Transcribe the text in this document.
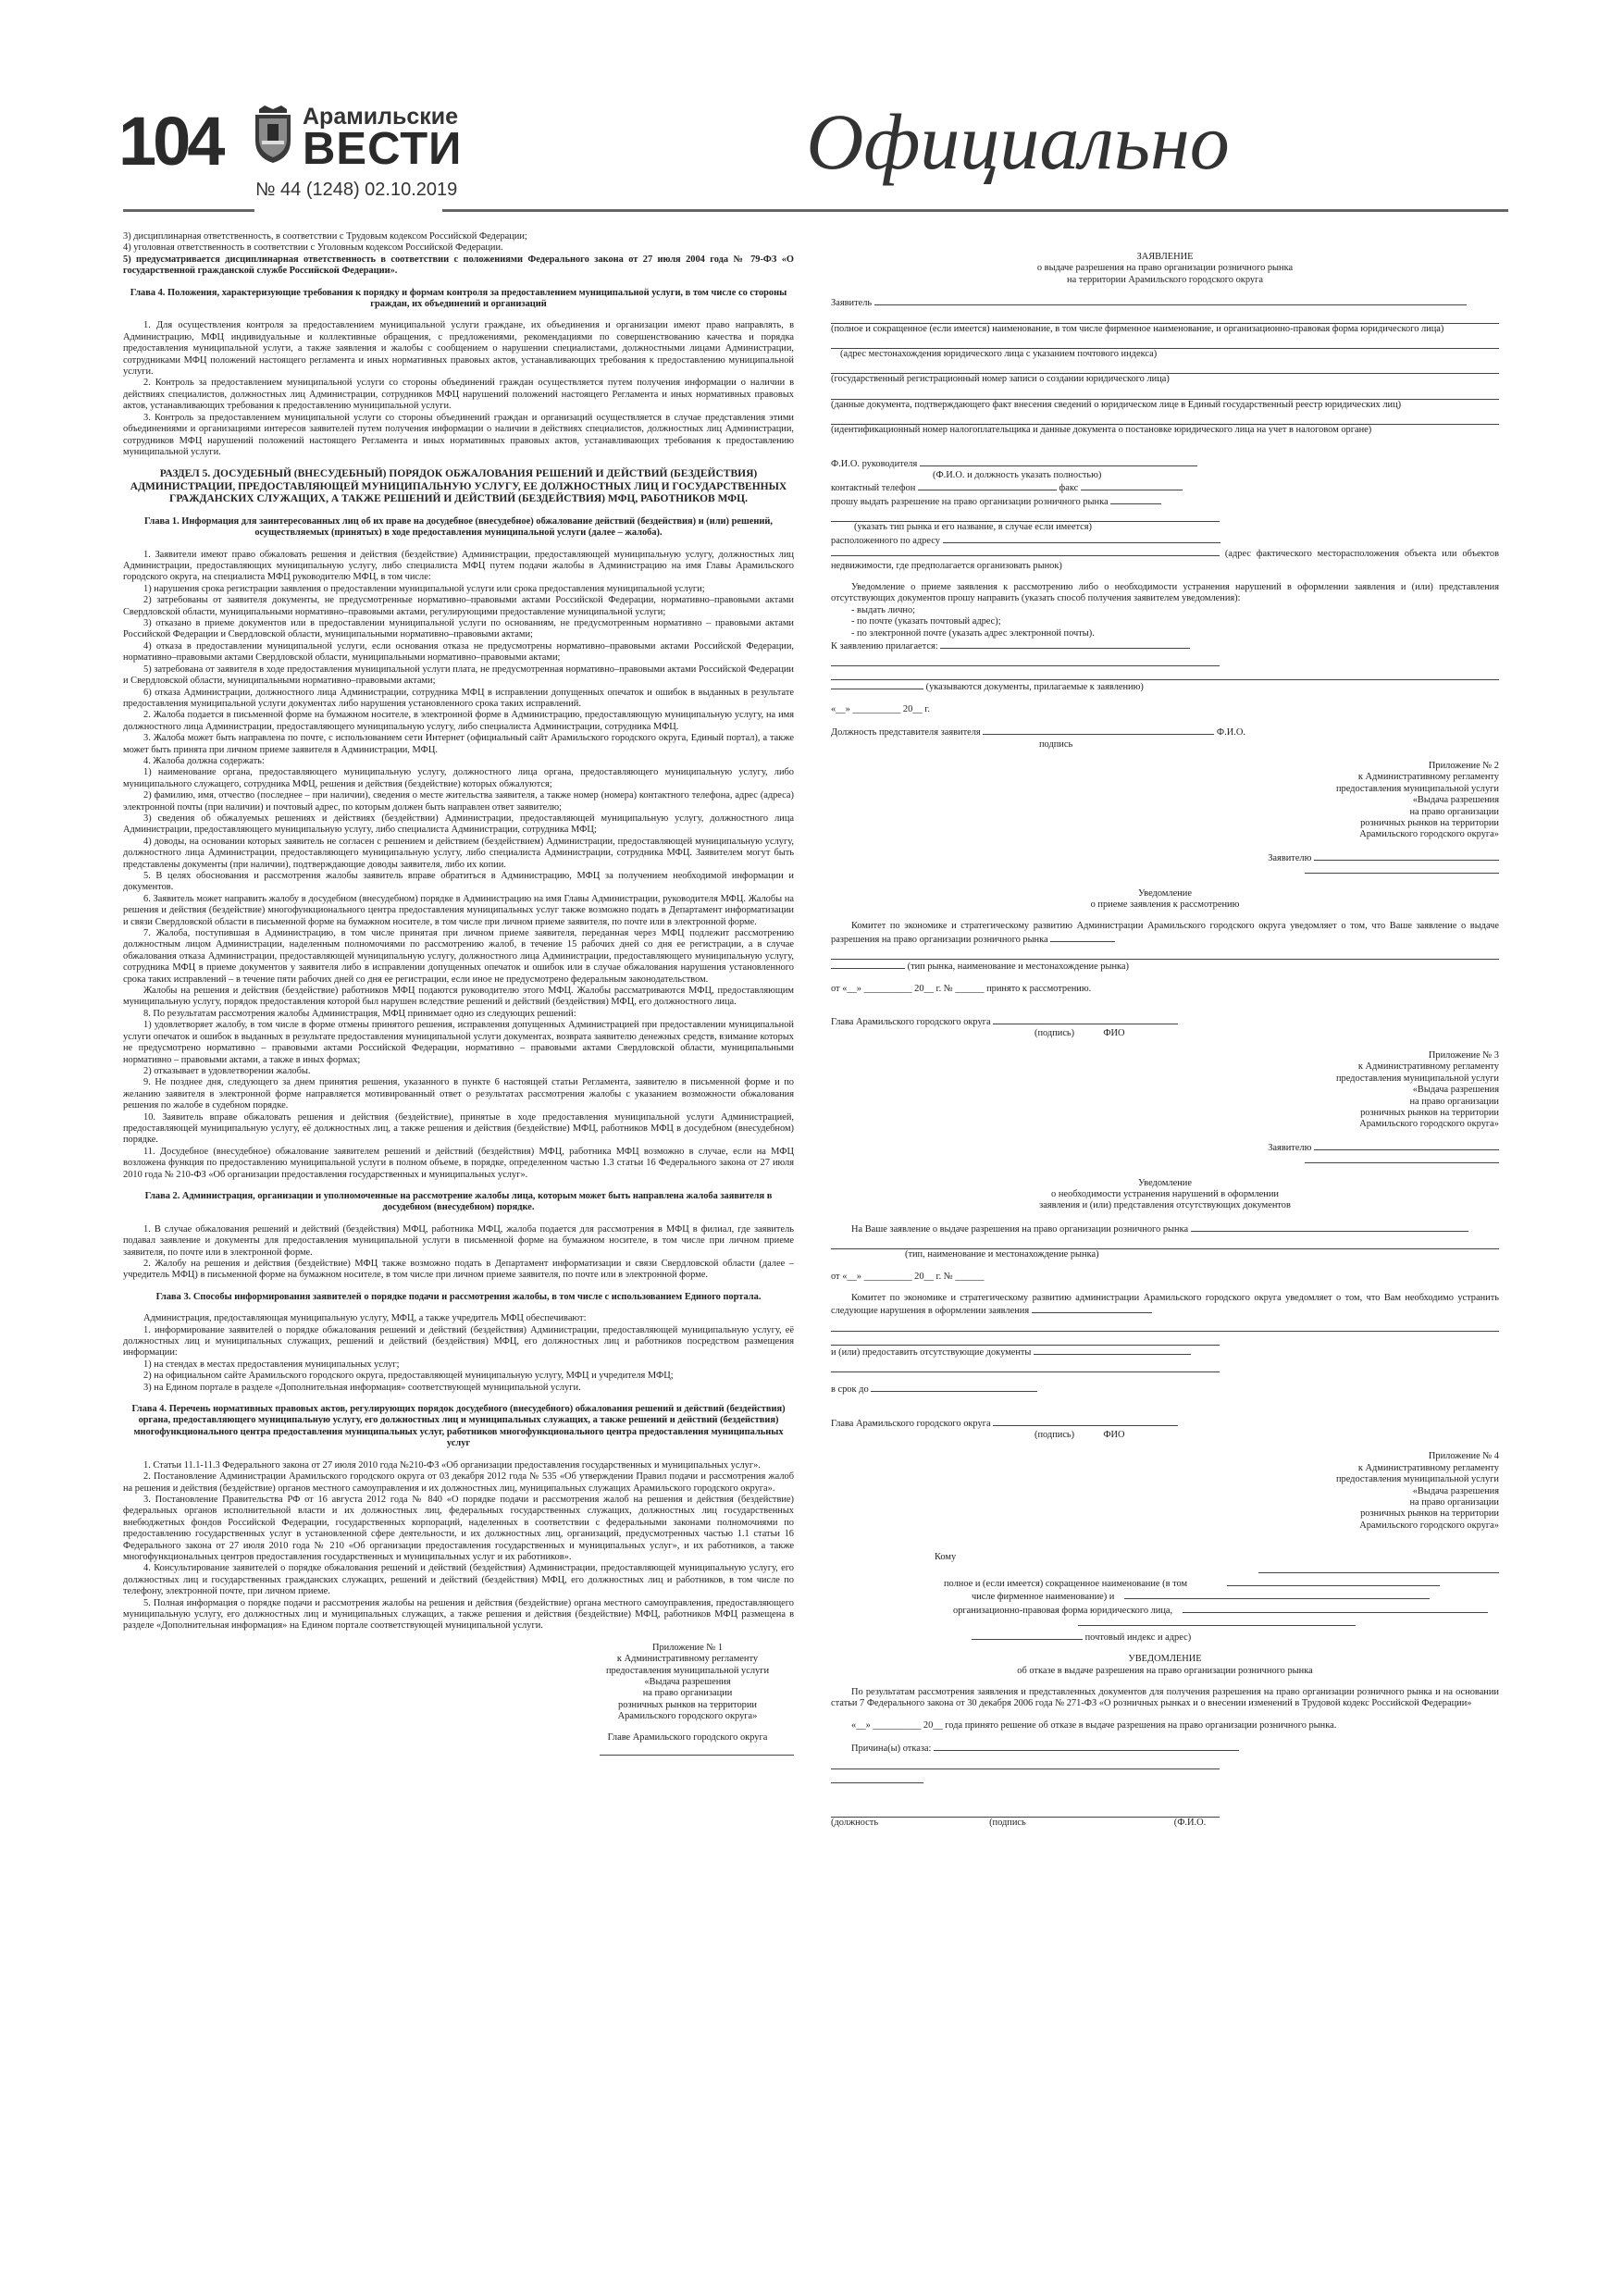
104	Арамильские
ВЕСТИ
№ 44 (1248) 02.10.2019
Официально

3) дисциплинарная ответственность, в соответствии с Трудовым кодексом Российской Федерации;

4) уголовная ответственность в соответствии с Уголовным кодексом Российской Федерации.

5) предусматривается дисциплинарная ответственность в соответствии с положениями Федерального закона от 27 июля 2004 года № 79-ФЗ «О государственной гражданской службе Российской Федерации».

Глава 4. Положения, характеризующие требования к порядку и формам контроля за предоставлением муниципальной услуги, в том числе со стороны граждан, их объединений и организаций

1. Для осуществления контроля за предоставлением муниципальной услуги граждане, их объединения и организации имеют право направлять, в Администрацию, МФЦ индивидуальные и коллективные обращения, с предложениями, рекомендациями по совершенствованию качества и порядка предоставления муниципальной услуги, а также заявления и жалобы с сообщением о нарушении специалистами, должностными лицами Администрации, сотрудниками МФЦ положений настоящего регламента и иных нормативных правовых актов, устанавливающих требования к предоставлению муниципальной услуги.

2. Контроль за предоставлением муниципальной услуги со стороны объединений граждан осуществляется путем получения информации о наличии в действиях специалистов, должностных лиц Администрации, сотрудников МФЦ нарушений положений настоящего Регламента и иных нормативных правовых актов, устанавливающих требования к предоставлению муниципальной услуги.

3. Контроль за предоставлением муниципальной услуги со стороны объединений граждан и организаций осуществляется в случае представления этими объединениями и организациями интересов заявителей путем получения информации о наличии в действиях специалистов, должностных лиц Администрации, сотрудников МФЦ нарушений положений настоящего Регламента и иных нормативных правовых актов, устанавливающих требования к предоставлению муниципальной услуги.

РАЗДЕЛ 5. ДОСУДЕБНЫЙ (ВНЕСУДЕБНЫЙ) ПОРЯДОК ОБЖАЛОВАНИЯ РЕШЕНИЙ И ДЕЙСТВИЙ (БЕЗДЕЙСТВИЯ) АДМИНИСТРАЦИИ, ПРЕДОСТАВЛЯЮЩЕЙ МУНИЦИПАЛЬНУЮ УСЛУГУ, ЕЕ ДОЛЖНОСТНЫХ ЛИЦ И ГОСУДАРСТВЕННЫХ ГРАЖДАНСКИХ СЛУЖАЩИХ, А ТАКЖЕ РЕШЕНИЙ И ДЕЙСТВИЙ (БЕЗДЕЙСТВИЯ) МФЦ, РАБОТНИКОВ МФЦ.
Глава 1. Информация для заинтересованных лиц об их праве на досудебное (внесудебное) обжалование действий (бездействия) и (или) решений, осуществляемых (принятых) в ходе предоставления муниципальной услуги (далее – жалоба).

1. Заявители имеют право обжаловать решения и действия (бездействие) Администрации, предоставляющей муниципальную услугу, должностных лиц Администрации, предоставляющих муниципальную услугу, либо специалиста МФЦ путем подачи жалобы в Администрацию на имя Главы Арамильского городского округа, на специалиста МФЦ руководителю МФЦ, в том числе:

1) нарушения срока регистрации заявления о предоставлении муниципальной услуги или срока предоставления муниципальной услуги;

2) затребованы от заявителя документы, не предусмотренные нормативно–правовыми актами Российской Федерации, нормативно–правовыми актами Свердловской области, муниципальными нормативно–правовыми актами, регулирующими предоставление муниципальной услуги;

3) отказано в приеме документов или в предоставлении муниципальной услуги по основаниям, не предусмотренным нормативно – правовыми актами Российской Федерации и Свердловской области, муниципальными нормативно–правовыми актами;

4) отказа в предоставлении муниципальной услуги, если основания отказа не предусмотрены нормативно–правовыми актами Российской Федерации, нормативно–правовыми актами Свердловской области, муниципальными нормативно–правовыми актами;

5) затребована от заявителя в ходе предоставления муниципальной услуги плата, не предусмотренная нормативно–правовыми актами Российской Федерации и Свердловской области, муниципальными нормативно–правовыми актами;

6) отказа Администрации, должностного лица Администрации, сотрудника МФЦ в исправлении допущенных опечаток и ошибок в выданных в результате предоставления муниципальной услуги документах либо нарушения установленного срока таких исправлений.

2. Жалоба подается в письменной форме на бумажном носителе, в электронной форме в Администрацию, предоставляющую муниципальную услугу, на имя должностного лица Администрации, предоставляющего муниципальную услугу, либо специалиста Администрации, сотрудника МФЦ.

3. Жалоба может быть направлена по почте, с использованием сети Интернет (официальный сайт Арамильского городского округа, Единый портал), а также может быть принята при личном приеме заявителя в Администрации, МФЦ.

4. Жалоба должна содержать:

1) наименование органа, предоставляющего муниципальную услугу, должностного лица органа, предоставляющего муниципальную услугу, либо муниципального служащего, сотрудника МФЦ, решения и действия (бездействие) которых обжалуются;

2) фамилию, имя, отчество (последнее – при наличии), сведения о месте жительства заявителя, а также номер (номера) контактного телефона, адрес (адреса) электронной почты (при наличии) и почтовый адрес, по которым должен быть направлен ответ заявителю;

3) сведения об обжалуемых решениях и действиях (бездействии) Администрации, предоставляющей муниципальную услугу, должностного лица Администрации, предоставляющего муниципальную услугу, либо специалиста Администрации, сотрудника МФЦ;

4) доводы, на основании которых заявитель не согласен с решением и действием (бездействием) Администрации, предоставляющей муниципальную услугу, должностного лица Администрации, предоставляющего муниципальную услугу, либо специалиста Администрации, сотрудника МФЦ. Заявителем могут быть представлены документы (при наличии), подтверждающие доводы заявителя, либо их копии.

5. В целях обоснования и рассмотрения жалобы заявитель вправе обратиться в Администрацию, МФЦ за получением необходимой информации и документов.

6. Заявитель может направить жалобу в досудебном (внесудебном) порядке в Администрацию на имя Главы Администрации, руководителя МФЦ. Жалобы на решения и действия (бездействие) многофункционального центра предоставления муниципальных услуг также возможно подать в Департамент информатизации и связи Свердловской области в письменной форме на бумажном носителе, в том числе при личном приеме заявителя, по почте или в электронной форме.

7. Жалоба, поступившая в Администрацию, в том числе принятая при личном приеме заявителя, переданная через МФЦ подлежит рассмотрению должностным лицом Администрации, наделенным полномочиями по рассмотрению жалоб, в течение 15 рабочих дней со дня ее регистрации, а в случае обжалования отказа Администрации, предоставляющей муниципальную услугу, должностного лица Администрации, предоставляющего муниципальную услугу, сотрудника МФЦ в приеме документов у заявителя либо в исправлении допущенных опечаток и ошибок или в случае обжалования нарушения установленного срока таких исправлений – в течение пяти рабочих дней со дня ее регистрации, если иное не предусмотрено федеральным законодательством.

Жалобы на решения и действия (бездействие) работников МФЦ подаются руководителю этого МФЦ. Жалобы рассматриваются МФЦ, предоставляющим муниципальную услугу, порядок предоставления которой был нарушен вследствие решений и действий (бездействия) МФЦ, его должностного лица.

8. По результатам рассмотрения жалобы Администрация, МФЦ принимает одно из следующих решений:

1) удовлетворяет жалобу, в том числе в форме отмены принятого решения, исправления допущенных Администрацией при предоставлении муниципальной услуги опечаток и ошибок в выданных в результате предоставления муниципальной услуги документах, возврата заявителю денежных средств, взимание которых не предусмотрено нормативно – правовыми актами Российской Федерации, нормативно – правовыми актами Свердловской области, муниципальными нормативно – правовыми актами, а также в иных формах;

2) отказывает в удовлетворении жалобы.

9. Не позднее дня, следующего за днем принятия решения, указанного в пункте 6 настоящей статьи Регламента, заявителю в письменной форме и по желанию заявителя в электронной форме направляется мотивированный ответ о результатах рассмотрения жалобы с указанием возможности обжалования решения по жалобе в судебном порядке.

10. Заявитель вправе обжаловать решения и действия (бездействие), принятые в ходе предоставления муниципальной услуги Администрацией, предоставляющей муниципальную услугу, её должностных лиц, а также решения и действия (бездействие) МФЦ, работников МФЦ в досудебном (внесудебном) порядке.

11. Досудебное (внесудебное) обжалование заявителем решений и действий (бездействия) МФЦ, работника МФЦ возможно в случае, если на МФЦ возложена функция по предоставлению муниципальной услуги в полном объеме, в порядке, определенном частью 1.3 статьи 16 Федерального закона от 27 июля 2010 года № 210-ФЗ «Об организации предоставления государственных и муниципальных услуг».

Глава 2. Администрация, организации и уполномоченные на рассмотрение жалобы лица, которым может быть направлена жалоба заявителя в досудебном (внесудебном) порядке.

1. В случае обжалования решений и действий (бездействия) МФЦ, работника МФЦ, жалоба подается для рассмотрения в МФЦ в филиал, где заявитель подавал заявление и документы для предоставления муниципальной услуги в письменной форме на бумажном носителе, в том числе при личном приеме заявителя, по почте или в электронной форме.

2. Жалобу на решения и действия (бездействие) МФЦ также возможно подать в Департамент информатизации и связи Свердловской области (далее – учредитель МФЦ) в письменной форме на бумажном носителе, в том числе при личном приеме заявителя, по почте или в электронной форме.

Глава 3. Способы информирования заявителей о порядке подачи и рассмотрения жалобы, в том числе с использованием Единого портала.

Администрация, предоставляющая муниципальную услугу, МФЦ, а также учредитель МФЦ обеспечивают:

1. информирование заявителей о порядке обжалования решений и действий (бездействия) Администрации, предоставляющей муниципальную услугу, её должностных лиц и муниципальных служащих, решений и действий (бездействия) МФЦ, его должностных лиц и работников посредством размещения информации:

1) на стендах в местах предоставления муниципальных услуг;

2) на официальном сайте Арамильского городского округа, предоставляющей муниципальную услугу, МФЦ и учредителя МФЦ;

3) на Едином портале в разделе «Дополнительная информация» соответствующей муниципальной услуги.

Глава 4. Перечень нормативных правовых актов, регулирующих порядок досудебного (внесудебного) обжалования решений и действий (бездействия) органа, предоставляющего муниципальную услугу, его должностных лиц и муниципальных служащих, а также решений и действий (бездействия) многофункционального центра предоставления муниципальных услуг, работников многофункционального центра предоставления муниципальных услуг

1. Статьи 11.1-11.3 Федерального закона от 27 июля 2010 года №210-ФЗ «Об организации предоставления государственных и муниципальных услуг».

2. Постановление Администрации Арамильского городского округа от 03 декабря 2012 года № 535 «Об утверждении Правил подачи и рассмотрения жалоб на решения и действия (бездействие) органов местного самоуправления и их должностных лиц, муниципальных служащих Арамильского городского округа».

3. Постановление Правительства РФ от 16 августа 2012 года № 840 «О порядке подачи и рассмотрения жалоб на решения и действия (бездействие) федеральных органов исполнительной власти и их должностных лиц, федеральных государственных служащих, должностных лиц государственных внебюджетных фондов Российской Федерации, государственных корпораций, наделенных в соответствии с федеральными законами полномочиями по предоставлению государственных услуг в установленной сфере деятельности, и их должностных лиц, организаций, предусмотренных частью 1.1 статьи 16 Федерального закона от 27 июля 2010 года № 210 «Об организации предоставления государственных и муниципальных услуг», и их работников, а также многофункциональных центров предоставления государственных и муниципальных услуг и их работников».

4. Консультирование заявителей о порядке обжалования решений и действий (бездействия) Администрации, предоставляющей муниципальную услугу, его должностных лиц и государственных гражданских служащих, решений и действий (бездействия) МФЦ, его должностных лиц и работников, в том числе по телефону, электронной почте, при личном приеме.

5. Полная информация о порядке подачи и рассмотрения жалобы на решения и действия (бездействие) органа местного самоуправления, предоставляющего муниципальную услугу, его должностных лиц и муниципальных служащих, а также решения и действия (бездействие) МФЦ, работников МФЦ размещена в разделе «Дополнительная информация» на Едином портале соответствующей муниципальной услуги.

Приложение № 1
к Административному регламенту
предоставления муниципальной услуги
«Выдача разрешения
на право организации
розничных рынков на территории
Арамильского городского округа»
Главе Арамильского городского округа
ЗАЯВЛЕНИЕ
о выдаче разрешения на право организации розничного рынка
на территории Арамильского городского округа

Заявитель

(полное и сокращенное (если имеется) наименование, в том числе фирменное наименование, и организационно-правовая форма юридического лица)

(адрес местонахождения юридического лица с указанием почтового индекса)

(государственный регистрационный номер записи о создании юридического лица)

(данные документа, подтверждающего факт внесения сведений о юридическом лице в Единый государственный реестр юридических лиц)

(идентификационный номер налогоплательщика и данные документа о постановке юридического лица на учет в налоговом органе)

Ф.И.О. руководителя

(Ф.И.О. и должность указать полностью)

контактный телефон	факс

прошу выдать разрешение на право организации розничного рынка

(указать тип рынка и его название, в случае если имеется)

расположенного по адресу

(адрес фактического месторасположения объекта или объектов недвижимости, где предполагается организовать рынок)

Уведомление о приеме заявления к рассмотрению либо о необходимости устранения нарушений в оформлении заявления и (или) представления отсутствующих документов прошу направить (указать способ получения заявителем уведомления):

- выдать лично;

- по почте (указать почтовый адрес);

- по электронной почте (указать адрес электронной почты).

К заявлению прилагается:

(указываются документы, прилагаемые к заявлению)

«__» __________ 20__ г.

Должность представителя заявителя	Ф.И.О.

подпись

Приложение № 2
к Административному регламенту
предоставления муниципальной услуги
«Выдача разрешения
на право организации
розничных рынков на территории
Арамильского городского округа»
Заявителю
Уведомление
о приеме заявления к рассмотрению

Комитет по экономике и стратегическому развитию Администрации Арамильского городского округа уведомляет о том, что Ваше заявление о выдаче разрешения на право организации розничного рынка

(тип рынка, наименование и местонахождение рынка)

от «__» __________ 20__ г. № ______ принято к рассмотрению.

Глава Арамильского городского округа

(подпись)	ФИО

Приложение № 3
к Административному регламенту
предоставления муниципальной услуги
«Выдача разрешения
на право организации
розничных рынков на территории
Арамильского городского округа»
Заявителю
Уведомление
о необходимости устранения нарушений в оформлении
заявления и (или) представления отсутствующих документов

На Ваше заявление о выдаче разрешения на право организации розничного рынка

(тип, наименование и местонахождение рынка)

от «__» __________ 20__ г. № ______

Комитет по экономике и стратегическому развитию администрации Арамильского городского округа уведомляет о том, что Вам необходимо устранить следующие нарушения в оформлении заявления

и (или) предоставить отсутствующие документы

в срок до

Глава Арамильского городского округа

(подпись)	ФИО

Приложение № 4
к Административному регламенту
предоставления муниципальной услуги
«Выдача разрешения
на право организации
розничных рынков на территории
Арамильского городского округа»
Кому
полное и (если имеется) сокращенное наименование (в том
числе фирменное наименование) и
организационно-правовая форма юридического лица,
почтовый индекс и адрес)
УВЕДОМЛЕНИЕ
об отказе в выдаче разрешения на право организации розничного рынка

По результатам рассмотрения заявления и представленных документов для получения разрешения на право организации розничного рынка и на основании статьи 7 Федерального закона от 30 декабря 2006 года № 271-ФЗ «О розничных рынках и о внесении изменений в Трудовой кодекс Российской Федерации»

«__» __________ 20__ года принято решение об отказе в выдаче разрешения на право организации розничного рынка.

Причина(ы) отказа:

(должность	(подпись	(Ф.И.О.
